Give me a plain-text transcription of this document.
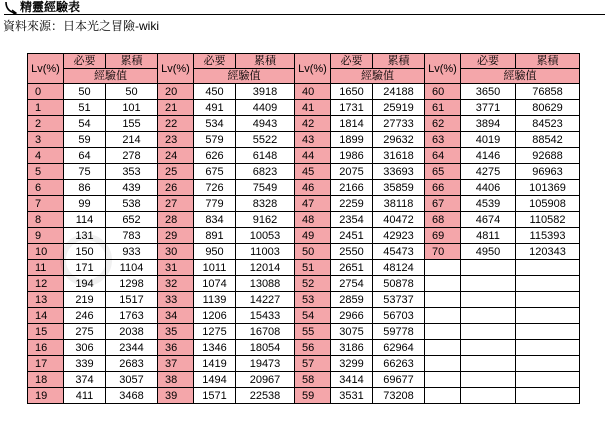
精靈經驗表
資料來源：日本光之冒險-wiki
Lv(%)	必要	累積	Lv(%)	必要	累積	Lv(%)	必要	累積	Lv(%)	必要	累積
	經驗值			經驗值			經驗值			經驗值	
0	50	50	20	450	3918	40	1650	24188	60	3650	76858
1	51	101	21	491	4409	41	1731	25919	61	3771	80629
2	54	155	22	534	4943	42	1814	27733	62	3894	84523
3	59	214	23	579	5522	43	1899	29632	63	4019	88542
4	64	278	24	626	6148	44	1986	31618	64	4146	92688
5	75	353	25	675	6823	45	2075	33693	65	4275	96963
6	86	439	26	726	7549	46	2166	35859	66	4406	101369
7	99	538	27	779	8328	47	2259	38118	67	4539	105908
8	114	652	28	834	9162	48	2354	40472	68	4674	110582
9	131	783	29	891	10053	49	2451	42923	69	4811	115393
10	150	933	30	950	11003	50	2550	45473	70	4950	120343
11	171	1104	31	1011	12014	51	2651	48124			
12	194	1298	32	1074	13088	52	2754	50878			
13	219	1517	33	1139	14227	53	2859	53737			
14	246	1763	34	1206	15433	54	2966	56703			
15	275	2038	35	1275	16708	55	3075	59778			
16	306	2344	36	1346	18054	56	3186	62964			
17	339	2683	37	1419	19473	57	3299	66263			
18	374	3057	38	1494	20967	58	3414	69677			
19	411	3468	39	1571	22538	59	3531	73208			
